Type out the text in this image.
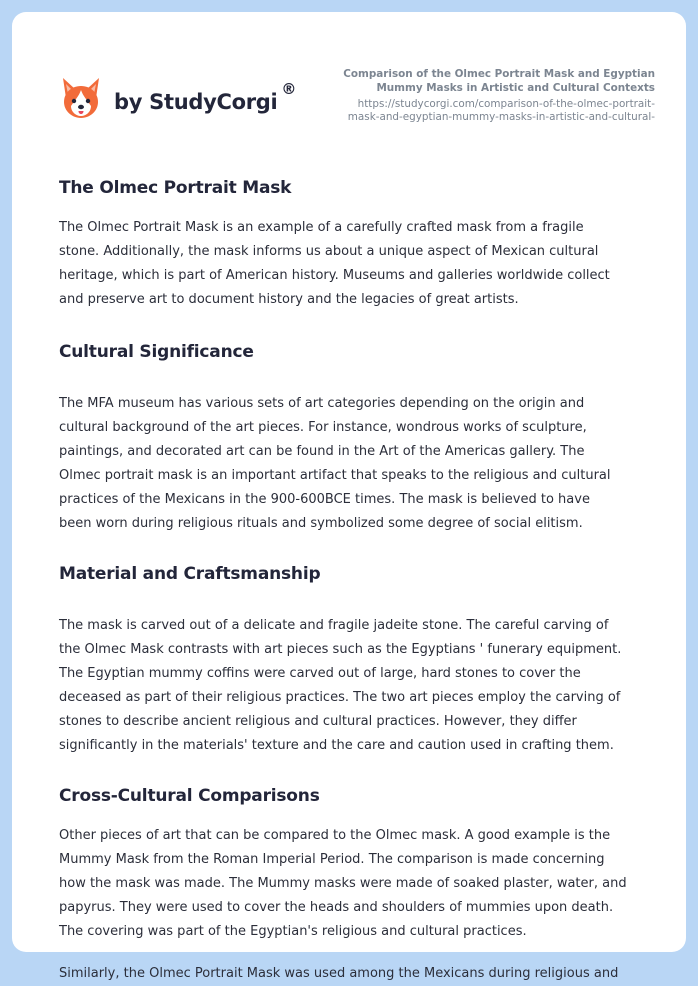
by StudyCorgi®
Comparison of the Olmec Portrait Mask and Egyptian
Mummy Masks in Artistic and Cultural Contexts
https://studycorgi.com/comparison-of-the-olmec-portrait-
mask-and-egyptian-mummy-masks-in-artistic-and-cultural-
The Olmec Portrait Mask

The Olmec Portrait Mask is an example of a carefully crafted mask from a fragile
stone. Additionally, the mask informs us about a unique aspect of Mexican cultural
heritage, which is part of American history. Museums and galleries worldwide collect
and preserve art to document history and the legacies of great artists.

Cultural Significance

The MFA museum has various sets of art categories depending on the origin and
cultural background of the art pieces. For instance, wondrous works of sculpture,
paintings, and decorated art can be found in the Art of the Americas gallery. The
Olmec portrait mask is an important artifact that speaks to the religious and cultural
practices of the Mexicans in the 900-600BCE times. The mask is believed to have
been worn during religious rituals and symbolized some degree of social elitism.

Material and Craftsmanship

The mask is carved out of a delicate and fragile jadeite stone. The careful carving of
the Olmec Mask contrasts with art pieces such as the Egyptians ' funerary equipment.
The Egyptian mummy coffins were carved out of large, hard stones to cover the
deceased as part of their religious practices. The two art pieces employ the carving of
stones to describe ancient religious and cultural practices. However, they differ
significantly in the materials' texture and the care and caution used in crafting them.

Cross-Cultural Comparisons

Other pieces of art that can be compared to the Olmec mask. A good example is the
Mummy Mask from the Roman Imperial Period. The comparison is made concerning
how the mask was made. The Mummy masks were made of soaked plaster, water, and
papyrus. They were used to cover the heads and shoulders of mummies upon death.
The covering was part of the Egyptian's religious and cultural practices.

Similarly, the Olmec Portrait Mask was used among the Mexicans during religious and
